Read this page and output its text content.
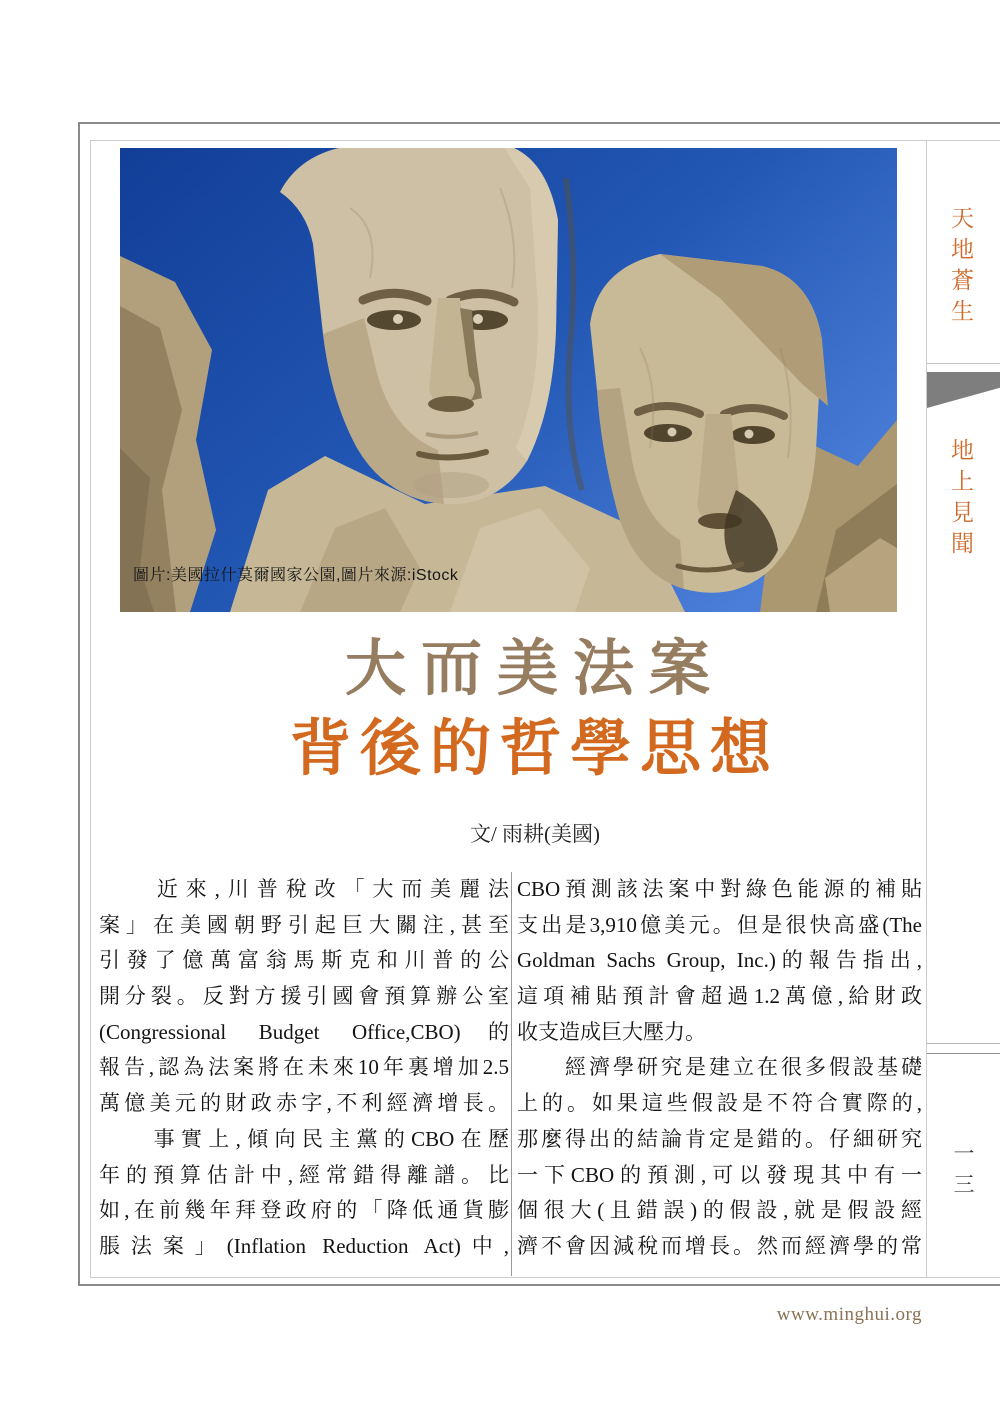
圖片:美國拉什莫爾國家公園,圖片來源:iStock
大而美法案
背後的哲學思想
文/ 雨耕(美國)
　　近來,川普稅改「大而美麗法
案」在美國朝野引起巨大關注,甚至
引發了億萬富翁馬斯克和川普的公
開分裂。反對方援引國會預算辦公室
(Congressional Budget Office,CBO)的
報告,認為法案將在未來10年裏增加2.5
萬億美元的財政赤字,不利經濟增長。
　　事實上,傾向民主黨的CBO在歷
年的預算估計中,經常錯得離譜。比
如,在前幾年拜登政府的「降低通貨膨
脹法案」(Inflation Reduction Act)中,
CBO預測該法案中對綠色能源的補貼
支出是3,910億美元。但是很快高盛(The
Goldman Sachs Group, Inc.)的報告指出,
這項補貼預計會超過1.2萬億,給財政
收支造成巨大壓力。
　　經濟學研究是建立在很多假設基礎
上的。如果這些假設是不符合實際的,
那麼得出的結論肯定是錯的。仔細研究
一下CBO的預測,可以發現其中有一
個很大(且錯誤)的假設,就是假設經
濟不會因減稅而增長。然而經濟學的常
天地蒼生
地上見聞
一三
www.minghui.org
